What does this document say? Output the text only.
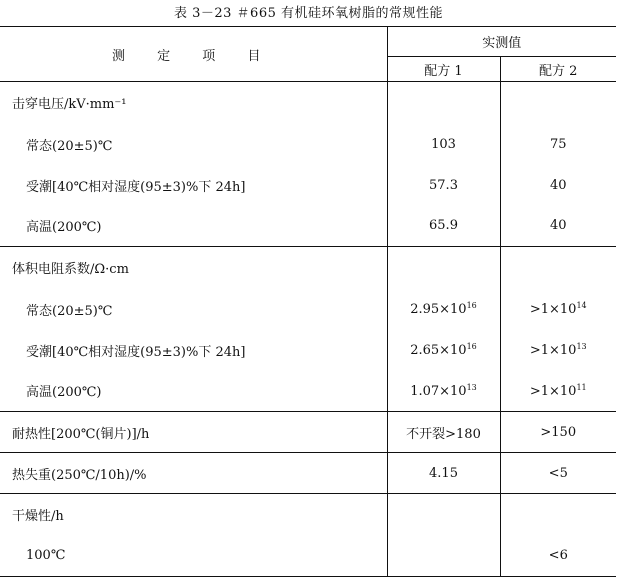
表 3－23 ＃665 有机硅环氧树脂的常规性能
测 定 项 目	实测值	
	配方 1	配方 2
击穿电压/kV·mm⁻¹		
常态(20±5)℃	103	75
受潮[40℃相对湿度(95±3)%下 24h]	57.3	40
高温(200℃)	65.9	40
体积电阻系数/Ω·cm		
常态(20±5)℃	$2.95\times 10^{16}$	$>1\times 10^{14}$
受潮[40℃相对湿度(95±3)%下 24h]	$2.65\times 10^{16}$	$>1\times 10^{13}$
高温(200℃)	$1.07\times 10^{13}$	$>1\times 10^{11}$
耐热性[200℃(铜片)]/h	不开裂>180	>150
热失重(250℃/10h)/%	4.15	<5
干燥性/h		
100℃		<6
